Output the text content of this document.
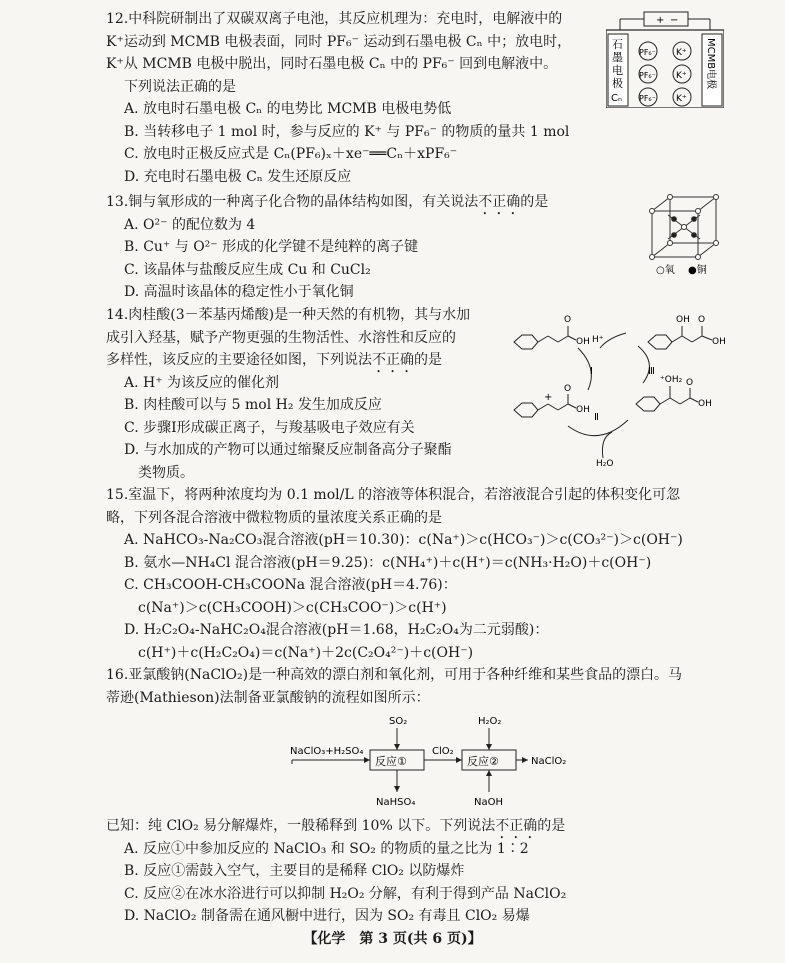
12.中科院研制出了双碳双离子电池，其反应机理为：充电时，电解液中的
K⁺运动到 MCMB 电极表面，同时 PF₆⁻ 运动到石墨电极 Cₙ 中；放电时，
K⁺从 MCMB 电极中脱出，同时石墨电极 Cₙ 中的 PF₆⁻ 回到电解液中。
下列说法正确的是
A. 放电时石墨电极 Cₙ 的电势比 MCMB 电极电势低
B. 当转移电子 1 mol 时，参与反应的 K⁺ 与 PF₆⁻ 的物质的量共 1 mol
C. 放电时正极反应式是 Cₙ(PF₆)ₓ＋xe⁻══Cₙ＋xPF₆⁻
D. 充电时石墨电极 Cₙ 发生还原反应
+ −
石
墨
电
极
Cₙ
MCMB电极
PF₆⁻ K⁺
PF₆⁻ K⁺
PF₆⁻ K⁺
13.铜与氧形成的一种离子化合物的晶体结构如图，有关说法不正确的是
A. O²⁻ 的配位数为 4
B. Cu⁺ 与 O²⁻ 形成的化学键不是纯粹的离子键
C. 该晶体与盐酸反应生成 Cu 和 CuCl₂
D. 高温时该晶体的稳定性小于氧化铜
○氧 ●铜
14.肉桂酸(3－苯基丙烯酸)是一种天然的有机物，其与水加
成引入羟基，赋予产物更强的生物活性、水溶性和反应的
多样性，该反应的主要途径如图，下列说法不正确的是
A. H⁺ 为该反应的催化剂
B. 肉桂酸可以与 5 mol H₂ 发生加成反应
C. 步骤Ⅰ形成碳正离子，与羧基吸电子效应有关
D. 与水加成的产物可以通过缩聚反应制备高分子聚酯
类物质。
O
OH
OH O
OH
H⁺
Ⅰ	Ⅲ
Ⅱ
+
O
OH
⁺OH₂ O
OH
H₂O
15.室温下，将两种浓度均为 0.1 mol/L 的溶液等体积混合，若溶液混合引起的体积变化可忽
略，下列各混合溶液中微粒物质的量浓度关系正确的是
A. NaHCO₃-Na₂CO₃混合溶液(pH＝10.30)：c(Na⁺)＞c(HCO₃⁻)＞c(CO₃²⁻)＞c(OH⁻)
B. 氨水—NH₄Cl 混合溶液(pH＝9.25)：c(NH₄⁺)＋c(H⁺)＝c(NH₃·H₂O)＋c(OH⁻)
C. CH₃COOH-CH₃COONa 混合溶液(pH＝4.76)：
c(Na⁺)＞c(CH₃COOH)＞c(CH₃COO⁻)＞c(H⁺)
D. H₂C₂O₄-NaHC₂O₄混合溶液(pH＝1.68，H₂C₂O₄为二元弱酸)：
c(H⁺)＋c(H₂C₂O₄)＝c(Na⁺)＋2c(C₂O₄²⁻)＋c(OH⁻)
16.亚氯酸钠(NaClO₂)是一种高效的漂白剂和氧化剂，可用于各种纤维和某些食品的漂白。马
蒂逊(Mathieson)法制备亚氯酸钠的流程如图所示：
NaClO₃+H₂SO₄
SO₂
反应①
NaHSO₄
ClO₂
H₂O₂
反应②
NaOH
NaClO₂
已知：纯 ClO₂ 易分解爆炸，一般稀释到 10% 以下。下列说法不正确的是
A. 反应①中参加反应的 NaClO₃ 和 SO₂ 的物质的量之比为 1∶2
B. 反应①需鼓入空气，主要目的是稀释 ClO₂ 以防爆炸
C. 反应②在冰水浴进行可以抑制 H₂O₂ 分解，有利于得到产品 NaClO₂
D. NaClO₂ 制备需在通风橱中进行，因为 SO₂ 有毒且 ClO₂ 易爆
【化学　第 3 页(共 6 页)】
